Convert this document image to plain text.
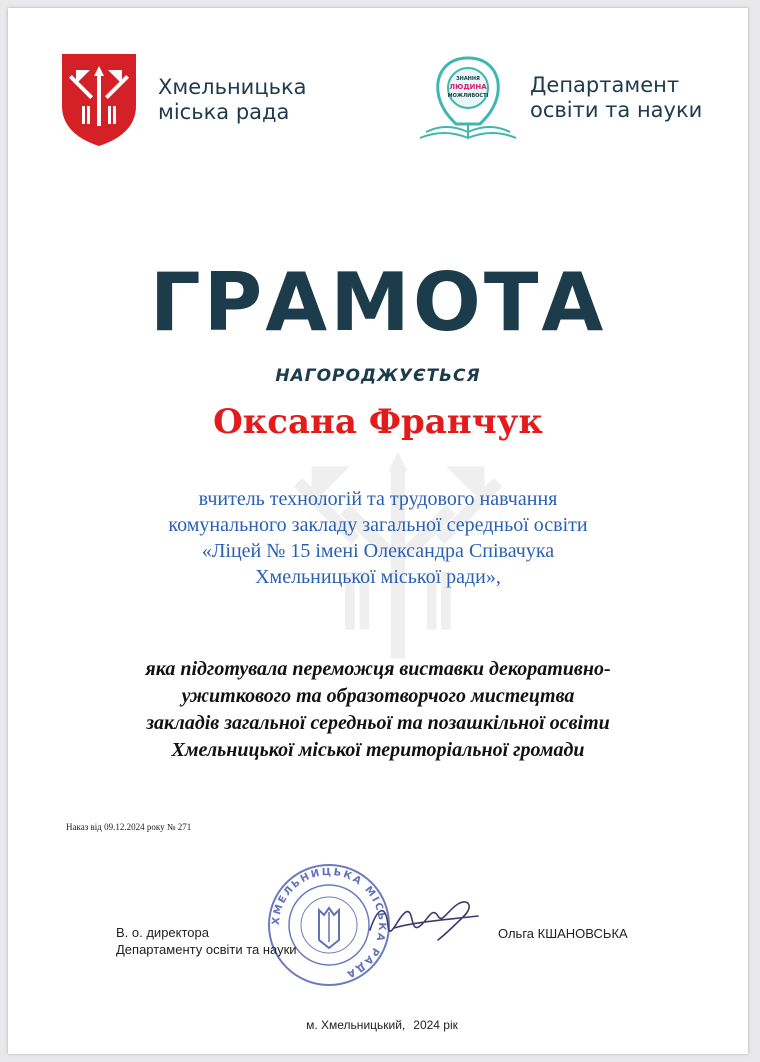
Хмельницька
міська рада
ЗНАННЯ
ЛЮДИНА
МОЖЛИВОСТІ Департамент
освіти та науки
ГРАМОТА
НАГОРОДЖУЄТЬСЯ
Оксана Франчук
вчитель технологій та трудового навчання
комунального закладу загальної середньої освіти
«Ліцей № 15 імені Олександра Співачука
Хмельницької міської ради»,
яка підготувала переможця виставки декоративно-
ужиткового та образотворчого мистецтва
закладів загальної середньої та позашкільної освіти
Хмельницької міської територіальної громади
Наказ від 09.12.2024 року № 271
ХМЕЛЬНИЦЬКА МІСЬКА РАДА
В. о. директора
Департаменту освіти та науки
Ольга КШАНОВСЬКА
м. Хмельницький, 2024 рік
